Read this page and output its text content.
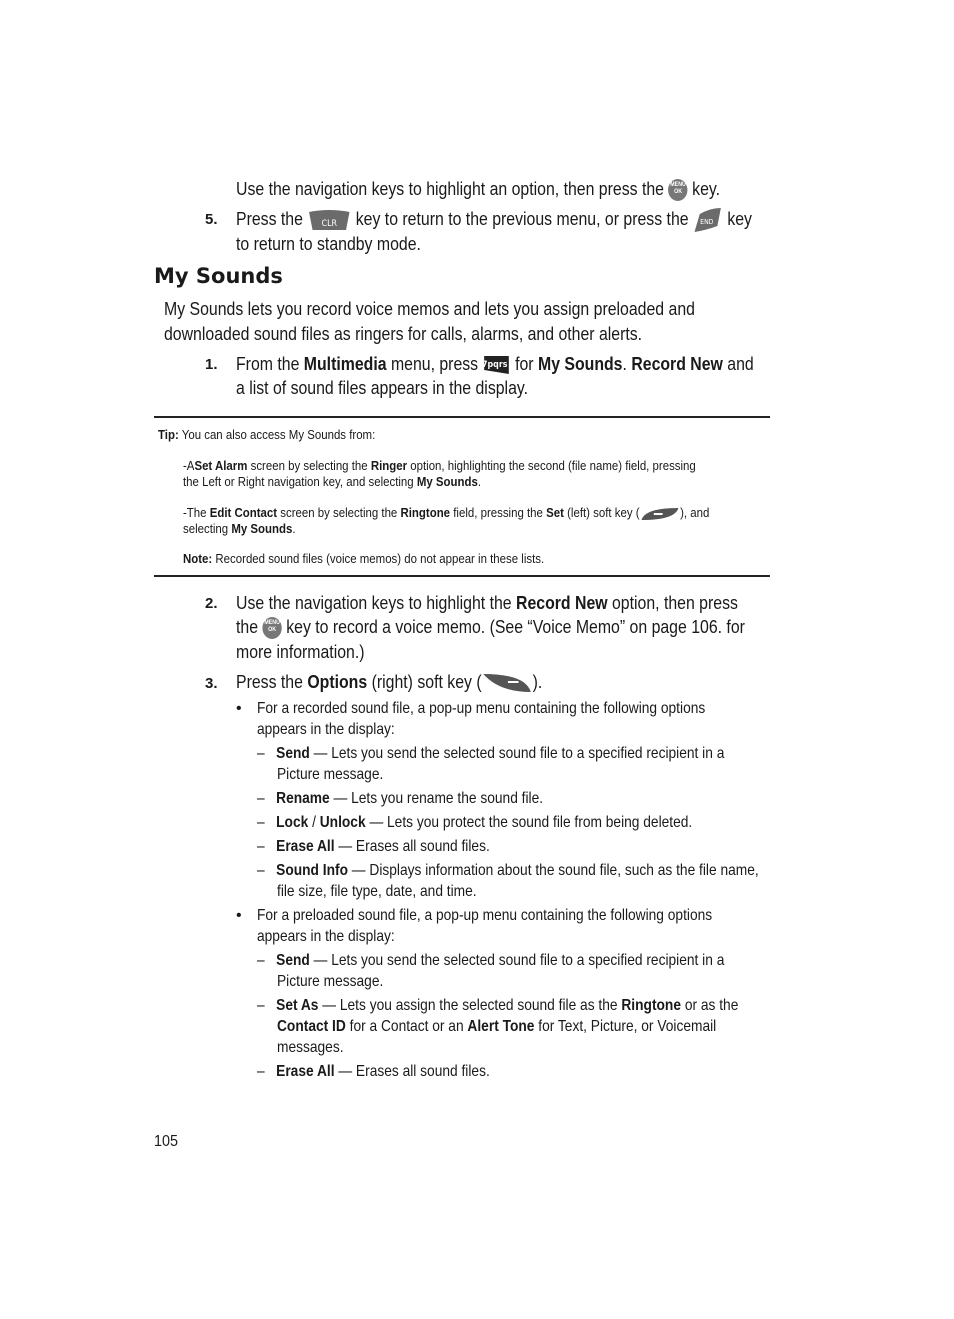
Use the navigation keys to highlight an option, then press the MENU
OK key.
5. Press the CLR key to return to the previous menu, or press the END key
to return to standby mode.
My Sounds
My Sounds lets you record voice memos and lets you assign preloaded and
downloaded sound files as ringers for calls, alarms, and other alerts.
1. From the Multimedia menu, press 7pqrs for My Sounds. Record New and
a list of sound files appears in the display.
Tip: You can also access My Sounds from:
-ASet Alarm screen by selecting the Ringer option, highlighting the second (file name) field, pressing
the Left or Right navigation key, and selecting My Sounds.
-The Edit Contact screen by selecting the Ringtone field, pressing the Set (left) soft key (	), and
selecting My Sounds.
Note: Recorded sound files (voice memos) do not appear in these lists.
2. Use the navigation keys to highlight the Record New option, then press
the MENU
OK key to record a voice memo. (See “Voice Memo” on page 106. for
more information.)
3. Press the Options (right) soft key (	).
• For a recorded sound file, a pop-up menu containing the following options
appears in the display:
– Send — Lets you send the selected sound file to a specified recipient in a
Picture message.
– Rename — Lets you rename the sound file.
– Lock / Unlock — Lets you protect the sound file from being deleted.
– Erase All — Erases all sound files.
– Sound Info — Displays information about the sound file, such as the file name,
file size, file type, date, and time.
• For a preloaded sound file, a pop-up menu containing the following options
appears in the display:
– Send — Lets you send the selected sound file to a specified recipient in a
Picture message.
– Set As — Lets you assign the selected sound file as the Ringtone or as the
Contact ID for a Contact or an Alert Tone for Text, Picture, or Voicemail
messages.
– Erase All — Erases all sound files.
105
